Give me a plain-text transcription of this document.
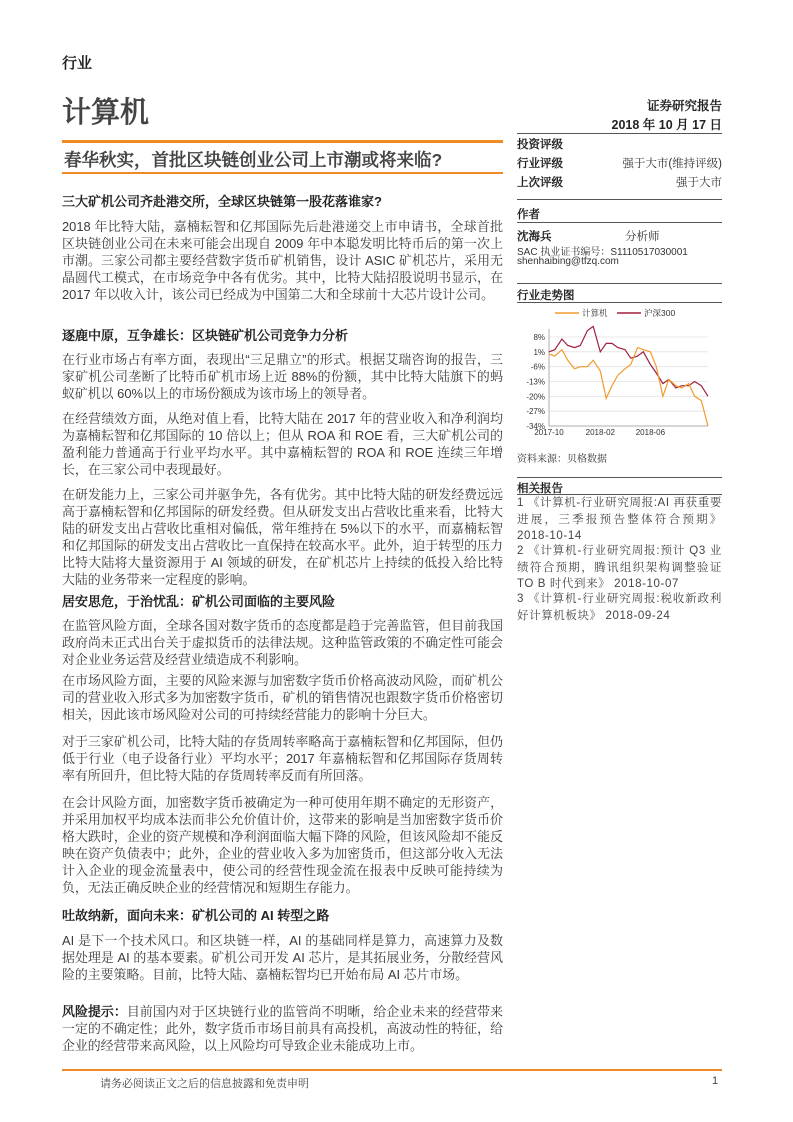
行业
计算机	证券研究报告
2018 年 10 月 17 日
春华秋实，首批区块链创业公司上市潮或将来临?
三大矿机公司齐赴港交所，全球区块链第一股花落谁家?

2018 年比特大陆，嘉楠耘智和亿邦国际先后赴港递交上市申请书，全球首批区块链创业公司在未来可能会出现自 2009 年中本聪发明比特币后的第一次上市潮。三家公司都主要经营数字货币矿机销售，设计 ASIC 矿机芯片，采用无晶圆代工模式，在市场竞争中各有优劣。其中，比特大陆招股说明书显示，在 2017 年以收入计，该公司已经成为中国第二大和全球前十大芯片设计公司。

逐鹿中原，互争雄长：区块链矿机公司竞争力分析

在行业市场占有率方面，表现出“三足鼎立”的形式。根据艾瑞咨询的报告，三家矿机公司垄断了比特币矿机市场上近 88%的份额，其中比特大陆旗下的蚂蚁矿机以 60%以上的市场份额成为该市场上的领导者。

在经营绩效方面，从绝对值上看，比特大陆在 2017 年的营业收入和净利润均为嘉楠耘智和亿邦国际的 10 倍以上；但从 ROA 和 ROE 看，三大矿机公司的盈利能力普通高于行业平均水平。其中嘉楠耘智的 ROA 和 ROE 连续三年增长，在三家公司中表现最好。

在研发能力上，三家公司并驱争先，各有优劣。其中比特大陆的研发经费远远高于嘉楠耘智和亿邦国际的研发经费。但从研发支出占营收比重来看，比特大陆的研发支出占营收比重相对偏低，常年维持在 5%以下的水平，而嘉楠耘智和亿邦国际的研发支出占营收比一直保持在较高水平。此外，迫于转型的压力比特大陆将大量资源用于 AI 领域的研发，在矿机芯片上持续的低投入给比特大陆的业务带来一定程度的影响。

居安思危，于治忧乱：矿机公司面临的主要风险

在监管风险方面，全球各国对数字货币的态度都是趋于完善监管，但目前我国政府尚未正式出台关于虚拟货币的法律法规。这种监管政策的不确定性可能会对企业业务运营及经营业绩造成不利影响。

在市场风险方面，主要的风险来源与加密数字货币价格高波动风险，而矿机公司的营业收入形式多为加密数字货币，矿机的销售情况也跟数字货币价格密切相关，因此该市场风险对公司的可持续经营能力的影响十分巨大。

对于三家矿机公司，比特大陆的存货周转率略高于嘉楠耘智和亿邦国际，但仍低于行业（电子设备行业）平均水平；2017 年嘉楠耘智和亿邦国际存货周转率有所回升，但比特大陆的存货周转率反而有所回落。

在会计风险方面，加密数字货币被确定为一种可使用年期不确定的无形资产，并采用加权平均成本法而非公允价值计价，这带来的影响是当加密数字货币价格大跌时，企业的资产规模和净利润面临大幅下降的风险，但该风险却不能反映在资产负债表中；此外，企业的营业收入多为加密货币，但这部分收入无法计入企业的现金流量表中，使公司的经营性现金流在报表中反映可能持续为负，无法正确反映企业的经营情况和短期生存能力。

吐故纳新，面向未来：矿机公司的 AI 转型之路

AI 是下一个技术风口。和区块链一样，AI 的基础同样是算力，高速算力及数据处理是 AI 的基本要素。矿机公司开发 AI 芯片，是其拓展业务，分散经营风险的主要策略。目前，比特大陆、嘉楠耘智均已开始布局 AI 芯片市场。

风险提示：目前国内对于区块链行业的监管尚不明晰，给企业未来的经营带来一定的不确定性；此外，数字货币市场目前具有高投机，高波动性的特征，给企业的经营带来高风险，以上风险均可导致企业未能成功上市。

投资评级
行业评级	强于大市(维持评级)
上次评级	强于大市
作者
沈海兵	分析师
SAC 执业证书编号：S1110517030001
shenhaibing@tfzq.com
行业走势图
计算机	沪深300
8%
1%
-6%
-13%
-20%
-27%
-34%
2017-10	2018-02	2018-06
资料来源：贝格数据
相关报告
1 《计算机-行业研究周报:AI 再获重要进展，三季报预告整体符合预期》 2018-10-14
2 《计算机-行业研究周报:预计 Q3 业绩符合预期，腾讯组织架构调整验证 TO B 时代到来》 2018-10-07
3 《计算机-行业研究周报:税收新政利好计算机板块》 2018-09-24
请务必阅读正文之后的信息披露和免责申明	1
